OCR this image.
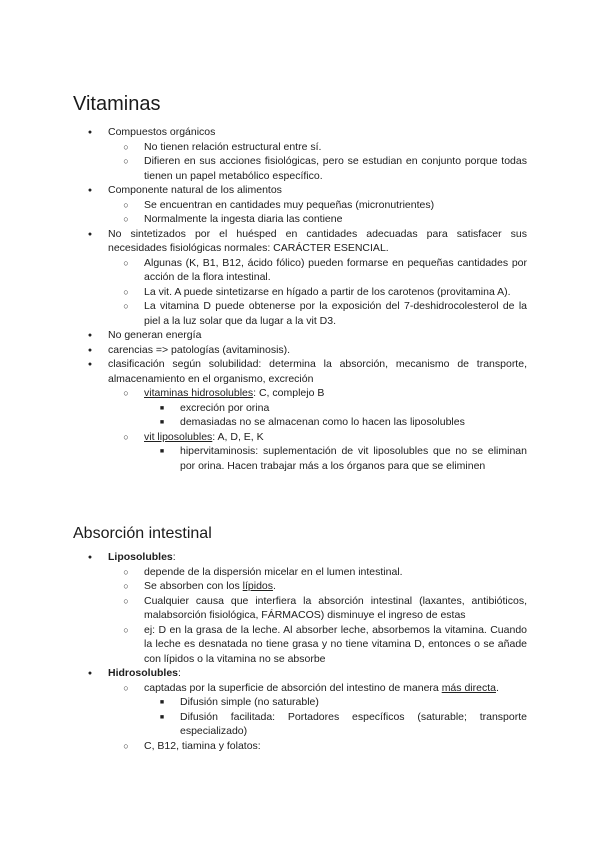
Vitaminas
●
Compuestos orgánicos
○
No tienen relación estructural entre sí.
○
Difieren en sus acciones fisiológicas, pero se estudian en conjunto porque todas tienen un papel metabólico específico.
●
Componente natural de los alimentos
○
Se encuentran en cantidades muy pequeñas (micronutrientes)
○
Normalmente la ingesta diaria las contiene
●
No sintetizados por el huésped en cantidades adecuadas para satisfacer sus necesidades fisiológicas normales: CARÁCTER ESENCIAL.
○
Algunas (K, B1, B12, ácido fólico) pueden formarse en pequeñas cantidades por acción de la flora intestinal.
○
La vit. A puede sintetizarse en hígado a partir de los carotenos (provitamina A).
○
La vitamina D puede obtenerse por la exposición del 7-deshidrocolesterol de la piel a la luz solar que da lugar a la vit D3.
●
No generan energía
●
carencias => patologías (avitaminosis).
●
clasificación según solubilidad: determina la absorción, mecanismo de transporte, almacenamiento en el organismo, excreción
○
vitaminas hidrosolubles: C, complejo B
■
excreción por orina
■
demasiadas no se almacenan como lo hacen las liposolubles
○
vit liposolubles: A, D, E, K
■
hipervitaminosis: suplementación de vit liposolubles que no se eliminan por orina. Hacen trabajar más a los órganos para que se eliminen
Absorción intestinal
●
Liposolubles:
○
depende de la dispersión micelar en el lumen intestinal.
○
Se absorben con los lípidos.
○
Cualquier causa que interfiera la absorción intestinal (laxantes, antibióticos, malabsorción fisiológica, FÁRMACOS) disminuye el ingreso de estas
○
ej: D en la grasa de la leche. Al absorber leche, absorbemos la vitamina. Cuando la leche es desnatada no tiene grasa y no tiene vitamina D, entonces o se añade con lípidos o la vitamina no se absorbe
●
Hidrosolubles:
○
captadas por la superficie de absorción del intestino de manera más directa.
■
Difusión simple (no saturable)
■
Difusión facilitada: Portadores específicos (saturable; transporte especializado)
○
C, B12, tiamina y folatos:
